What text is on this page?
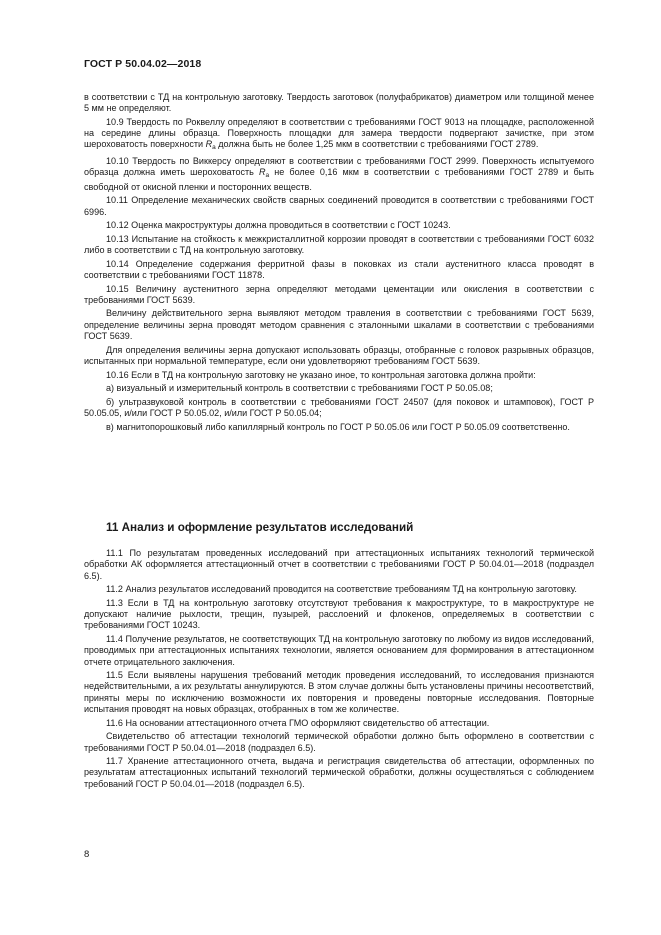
ГОСТ Р 50.04.02—2018

в соответствии с ТД на контрольную заготовку. Твердость заготовок (полуфабрикатов) диаметром или толщиной менее 5 мм не определяют.

10.9 Твердость по Роквеллу определяют в соответствии с требованиями ГОСТ 9013 на площадке, расположенной на середине длины образца. Поверхность площадки для замера твердости подвергают зачистке, при этом шероховатость поверхности $R_a$ должна быть не более 1,25 мкм в соответствии с требованиями ГОСТ 2789.

10.10 Твердость по Виккерсу определяют в соответствии с требованиями ГОСТ 2999. Поверхность испытуемого образца должна иметь шероховатость $R_a$ не более 0,16 мкм в соответствии с требованиями ГОСТ 2789 и быть свободной от окисной пленки и посторонних веществ.

10.11 Определение механических свойств сварных соединений проводится в соответствии с требованиями ГОСТ 6996.

10.12 Оценка макроструктуры должна проводиться в соответствии с ГОСТ 10243.

10.13 Испытание на стойкость к межкристаллитной коррозии проводят в соответствии с требованиями ГОСТ 6032 либо в соответствии с ТД на контрольную заготовку.

10.14 Определение содержания ферритной фазы в поковках из стали аустенитного класса проводят в соответствии с требованиями ГОСТ 11878.

10.15 Величину аустенитного зерна определяют методами цементации или окисления в соответствии с требованиями ГОСТ 5639.

Величину действительного зерна выявляют методом травления в соответствии с требованиями ГОСТ 5639, определение величины зерна проводят методом сравнения с эталонными шкалами в соответствии с требованиями ГОСТ 5639.

Для определения величины зерна допускают использовать образцы, отобранные с головок разрывных образцов, испытанных при нормальной температуре, если они удовлетворяют требованиям ГОСТ 5639.

10.16 Если в ТД на контрольную заготовку не указано иное, то контрольная заготовка должна пройти:

а) визуальный и измерительный контроль в соответствии с требованиями ГОСТ Р 50.05.08;

б) ультразвуковой контроль в соответствии с требованиями ГОСТ 24507 (для поковок и штамповок), ГОСТ Р 50.05.05, и/или ГОСТ Р 50.05.02, и/или ГОСТ Р 50.05.04;

в) магнитопорошковый либо капиллярный контроль по ГОСТ Р 50.05.06 или ГОСТ Р 50.05.09 соответственно.

11 Анализ и оформление результатов исследований

11.1 По результатам проведенных исследований при аттестационных испытаниях технологий термической обработки АК оформляется аттестационный отчет в соответствии с требованиями ГОСТ Р 50.04.01—2018 (подраздел 6.5).

11.2 Анализ результатов исследований проводится на соответствие требованиям ТД на контрольную заготовку.

11.3 Если в ТД на контрольную заготовку отсутствуют требования к макроструктуре, то в макроструктуре не допускают наличие рыхлости, трещин, пузырей, расслоений и флокенов, определяемых в соответствии с требованиями ГОСТ 10243.

11.4 Получение результатов, не соответствующих ТД на контрольную заготовку по любому из видов исследований, проводимых при аттестационных испытаниях технологии, является основанием для формирования в аттестационном отчете отрицательного заключения.

11.5 Если выявлены нарушения требований методик проведения исследований, то исследования признаются недействительными, а их результаты аннулируются. В этом случае должны быть установлены причины несоответствий, приняты меры по исключению возможности их повторения и проведены повторные исследования. Повторные испытания проводят на новых образцах, отобранных в том же количестве.

11.6 На основании аттестационного отчета ГМО оформляют свидетельство об аттестации.

Свидетельство об аттестации технологий термической обработки должно быть оформлено в соответствии с требованиями ГОСТ Р 50.04.01—2018 (подраздел 6.5).

11.7 Хранение аттестационного отчета, выдача и регистрация свидетельства об аттестации, оформленных по результатам аттестационных испытаний технологий термической обработки, должны осуществляться с соблюдением требований ГОСТ Р 50.04.01—2018 (подраздел 6.5).

8
